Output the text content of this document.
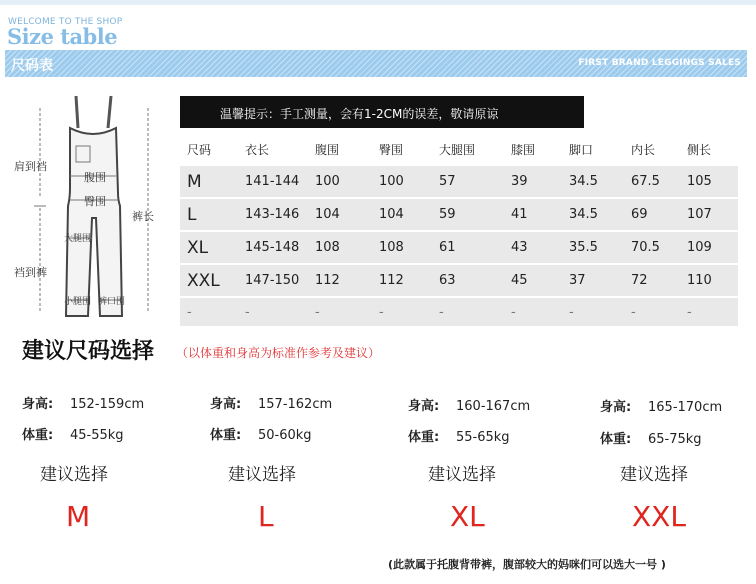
WELCOME TO THE SHOP
Size table
尺码表	FIRST BRAND LEGGINGS SALES
肩到裆
腹围
臀围
裤长
大腿围
裆到裤
小腿围 裤口围
温馨提示：手工测量，会有1-2CM的误差，敬请原谅
尺码	衣长	腹围	臀围	大腿围	膝围	脚口	内长	侧长
M	141-144	100	100	57	39	34.5	67.5	105
L	143-146	104	104	59	41	34.5	69	107
XL	145-148	108	108	61	43	35.5	70.5	109
XXL	147-150	112	112	63	45	37	72	110
-	-	-	-	-	-	-	-	-
建议尺码选择 （以体重和身高为标准作参考及建议）
身高: 152-159cm
体重: 45-55kg
建议选择
M
身高: 157-162cm
体重: 50-60kg
建议选择
L
身高: 160-167cm
体重: 55-65kg
建议选择
XL
身高: 165-170cm
体重: 65-75kg
建议选择
XXL
(此款属于托腹背带裤，腹部较大的妈咪们可以选大一号 )
